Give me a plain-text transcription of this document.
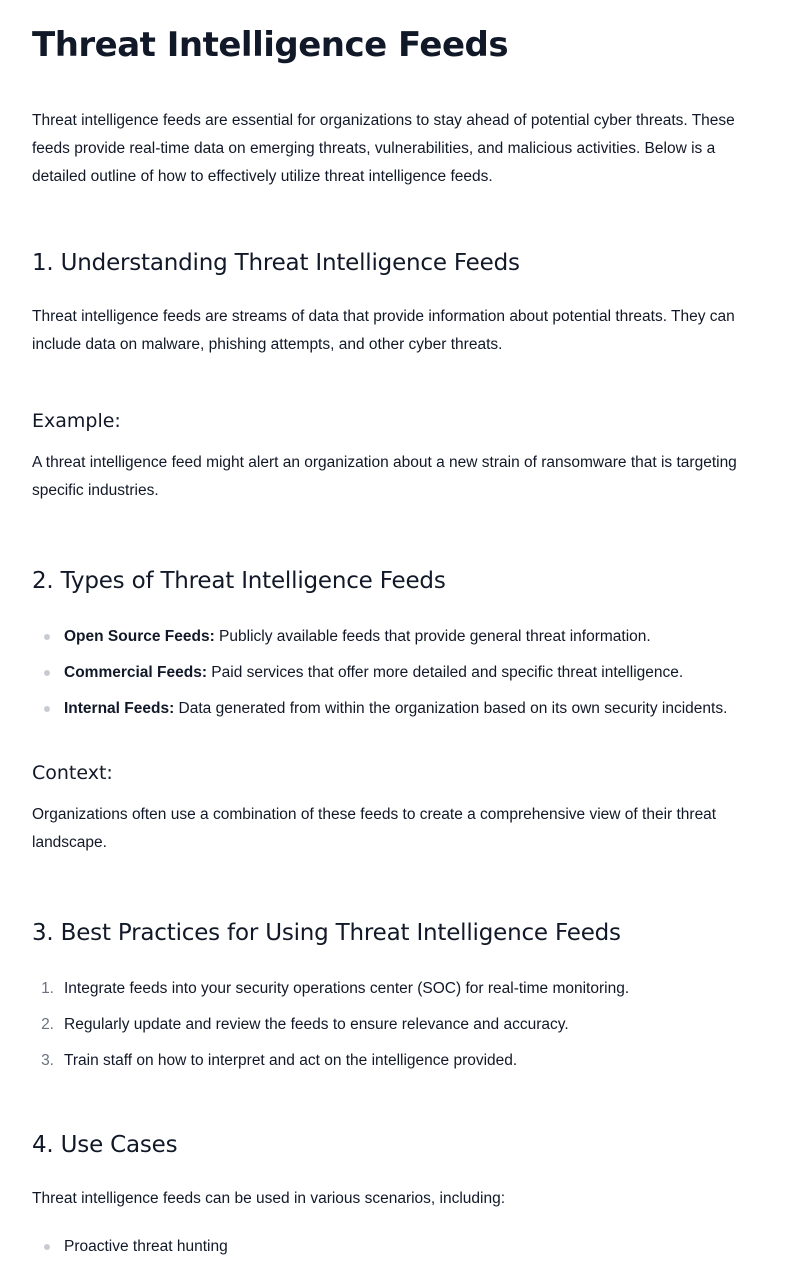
Threat Intelligence Feeds

Threat intelligence feeds are essential for organizations to stay ahead of potential cyber threats. These feeds provide real-time data on emerging threats, vulnerabilities, and malicious activities. Below is a detailed outline of how to effectively utilize threat intelligence feeds.

1. Understanding Threat Intelligence Feeds

Threat intelligence feeds are streams of data that provide information about potential threats. They can include data on malware, phishing attempts, and other cyber threats.

Example:

A threat intelligence feed might alert an organization about a new strain of ransomware that is targeting specific industries.

2. Types of Threat Intelligence Feeds
Open Source Feeds: Publicly available feeds that provide general threat information.
Commercial Feeds: Paid services that offer more detailed and specific threat intelligence.
Internal Feeds: Data generated from within the organization based on its own security incidents.
Context:

Organizations often use a combination of these feeds to create a comprehensive view of their threat landscape.

3. Best Practices for Using Threat Intelligence Feeds
1. Integrate feeds into your security operations center (SOC) for real-time monitoring.
2. Regularly update and review the feeds to ensure relevance and accuracy.
3. Train staff on how to interpret and act on the intelligence provided.
4. Use Cases

Threat intelligence feeds can be used in various scenarios, including:

Proactive threat hunting
